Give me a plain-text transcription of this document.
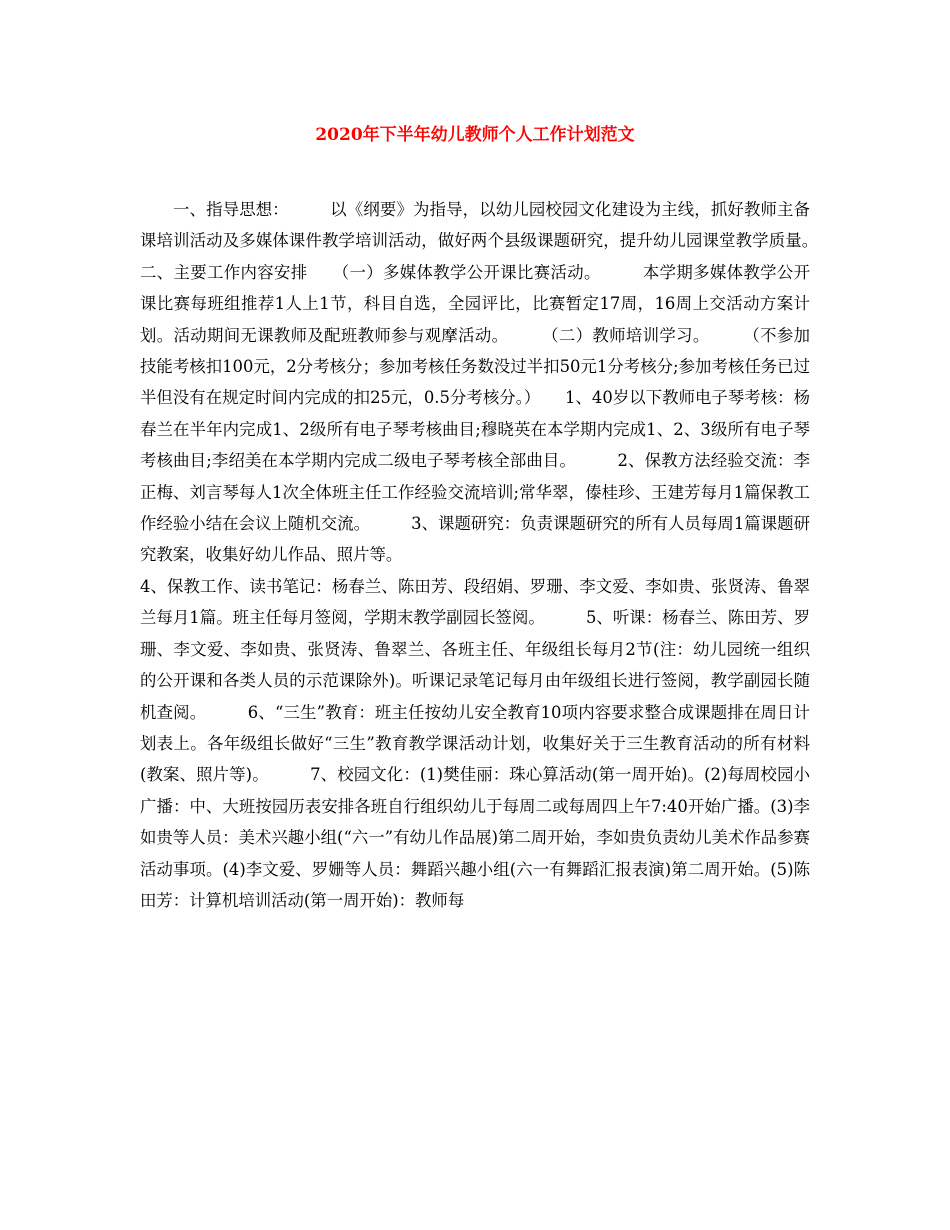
2020年下半年幼儿教师个人工作计划范文

一、指导思想：　　　以《纲要》为指导，以幼儿园校园文化建设为主线，抓好教师主备课培训活动及多媒体课件教学培训活动，做好两个县级课题研究，提升幼儿园课堂教学质量。　　　二、主要工作内容安排　　（一）多媒体教学公开课比赛活动。　　　本学期多媒体教学公开课比赛每班组推荐1人上1节，科目自选，全园评比，比赛暂定17周，16周上交活动方案计划。活动期间无课教师及配班教师参与观摩活动。　　　（二）教师培训学习。　　　（不参加技能考核扣100元，2分考核分；参加考核任务数没过半扣50元1分考核分;参加考核任务已过半但没有在规定时间内完成的扣25元，0.5分考核分。）　　1、40岁以下教师电子琴考核：杨春兰在半年内完成1、2级所有电子琴考核曲目;穆晓英在本学期内完成1、2、3级所有电子琴考核曲目;李绍美在本学期内完成二级电子琴考核全部曲目。　　　2、保教方法经验交流：李正梅、刘言琴每人1次全体班主任工作经验交流培训;常华翠，傣桂珍、王建芳每月1篇保教工作经验小结在会议上随机交流。　　　3、课题研究：负责课题研究的所有人员每周1篇课题研究教案，收集好幼儿作品、照片等。

4、保教工作、读书笔记：杨春兰、陈田芳、段绍娟、罗珊、李文爱、李如贵、张贤涛、鲁翠兰每月1篇。班主任每月签阅，学期末教学副园长签阅。　　　5、听课：杨春兰、陈田芳、罗珊、李文爱、李如贵、张贤涛、鲁翠兰、各班主任、年级组长每月2节(注：幼儿园统一组织的公开课和各类人员的示范课除外)。听课记录笔记每月由年级组长进行签阅，教学副园长随机查阅。　　　6、“三生”教育：班主任按幼儿安全教育10项内容要求整合成课题排在周日计划表上。各年级组长做好“三生”教育教学课活动计划，收集好关于三生教育活动的所有材料(教案、照片等)。　　　7、校园文化：(1)樊佳丽：珠心算活动(第一周开始)。(2)每周校园小广播：中、大班按园历表安排各班自行组织幼儿于每周二或每周四上午7:40开始广播。(3)李如贵等人员：美术兴趣小组(“六一”有幼儿作品展)第二周开始，李如贵负责幼儿美术作品参赛活动事项。(4)李文爱、罗姗等人员：舞蹈兴趣小组(六一有舞蹈汇报表演)第二周开始。(5)陈田芳：计算机培训活动(第一周开始)：教师每
